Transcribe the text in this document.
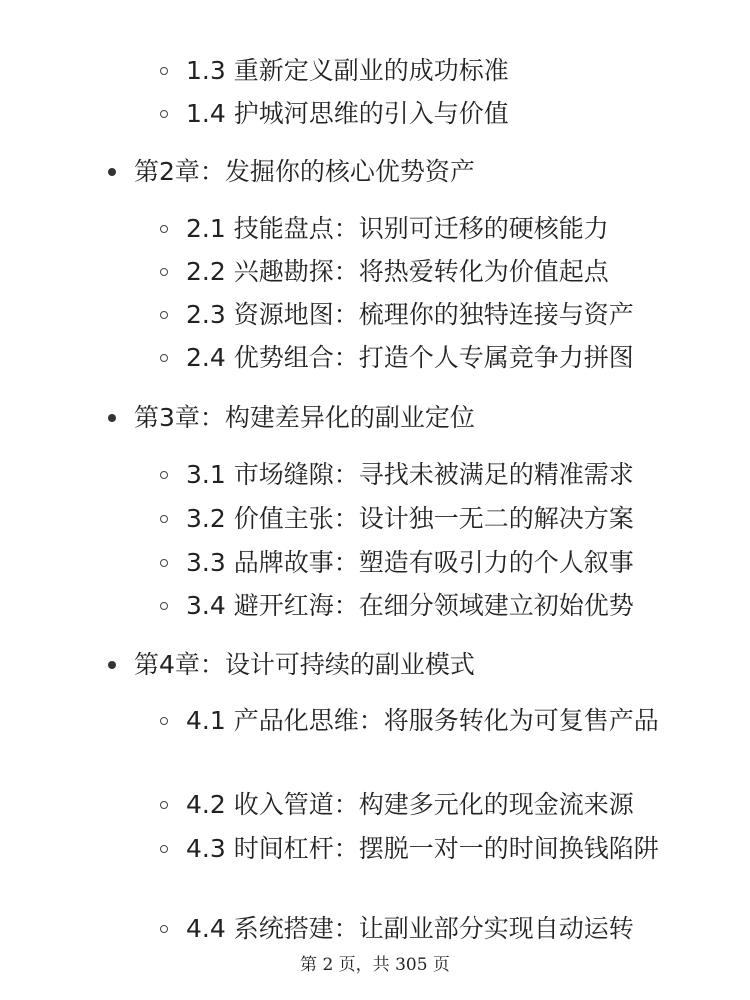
1.3 重新定义副业的成功标准
1.4 护城河思维的引入与价值
第2章：发掘你的核心优势资产
2.1 技能盘点：识别可迁移的硬核能力
2.2 兴趣勘探：将热爱转化为价值起点
2.3 资源地图：梳理你的独特连接与资产
2.4 优势组合：打造个人专属竞争力拼图
第3章：构建差异化的副业定位
3.1 市场缝隙：寻找未被满足的精准需求
3.2 价值主张：设计独一无二的解决方案
3.3 品牌故事：塑造有吸引力的个人叙事
3.4 避开红海：在细分领域建立初始优势
第4章：设计可持续的副业模式
4.1 产品化思维：将服务转化为可复售产品
4.2 收入管道：构建多元化的现金流来源
4.3 时间杠杆：摆脱一对一的时间换钱陷阱
4.4 系统搭建：让副业部分实现自动运转
第 2 页，共 305 页
